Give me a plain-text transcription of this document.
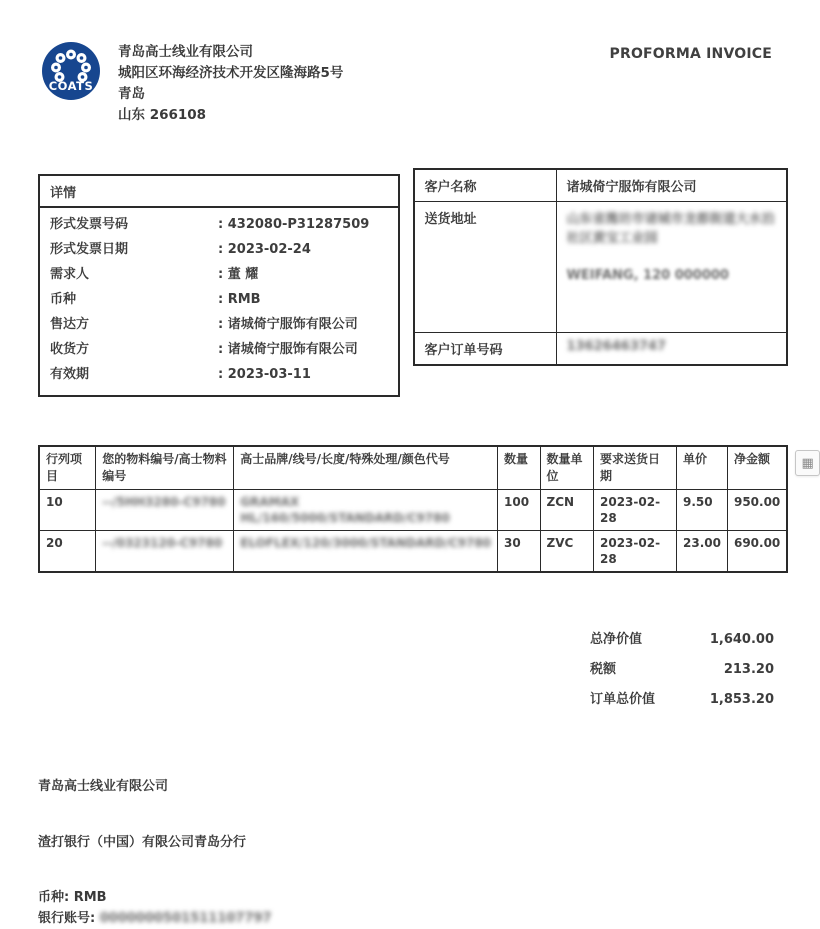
COATS
青岛高士线业有限公司
城阳区环海经济技术开发区隆海路5号
青岛
山东 266108
PROFORMA INVOICE
详情
形式发票号码	: 432080-P31287509
形式发票日期	: 2023-02-24
需求人	: 董 耀
币种	: RMB
售达方	: 诸城倚宁服饰有限公司
收货方	: 诸城倚宁服饰有限公司
有效期	: 2023-03-11
客户名称	诸城倚宁服饰有限公司
送货地址	山东省潍坊市诸城市龙都街道大水泊社区黄宝工业园
WEIFANG, 120 000000
客户订单号码	13626463747
行列项目	您的物料编号/高士物料编号	高士品牌/线号/长度/特殊处理/颜色代号	数量	数量单位	要求送货日期	单价	净金额
10	--/5HH3280-C9780	GRAMAX HL/160/5000/STANDARD/C9780	100	ZCN	2023-02-28	9.50	950.00
20	--/0323120-C9780	ELOFLEX/120/3000/STANDARD/C9780	30	ZVC	2023-02-28	23.00	690.00
▦
总净价值	1,640.00
税额	213.20
订单总价值	1,853.20
青岛高士线业有限公司
渣打银行（中国）有限公司青岛分行
币种: RMB
银行账号: 0000000501511107797
